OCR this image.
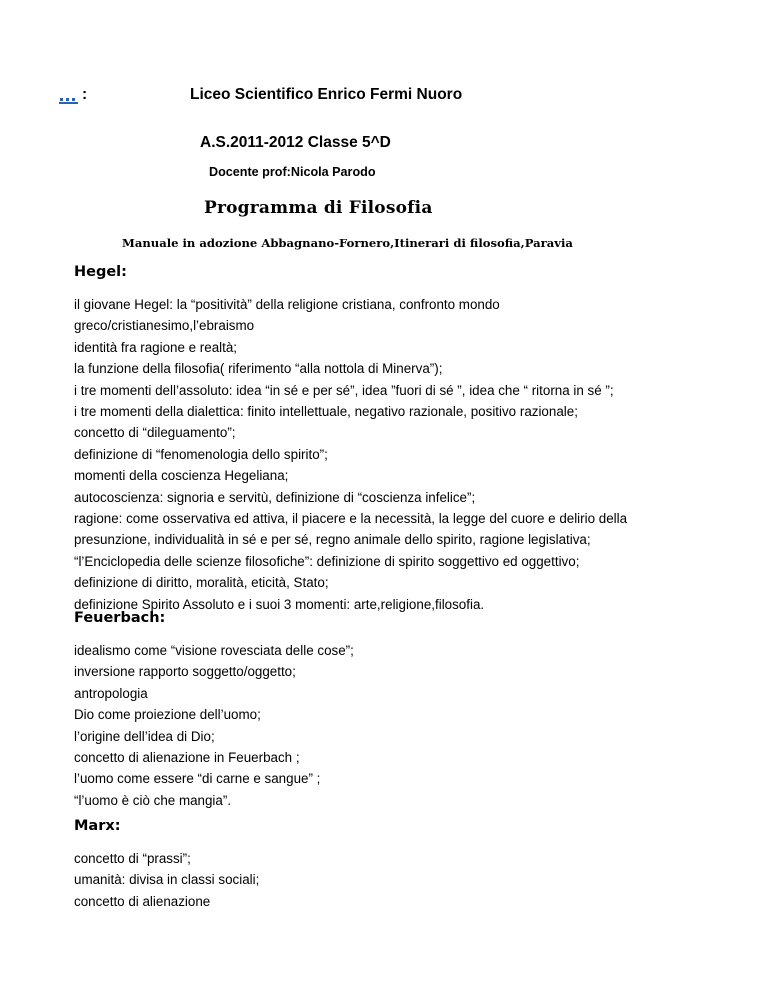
:	Liceo Scientifico Enrico Fermi Nuoro
A.S.2011-2012 Classe 5^D
Docente prof:Nicola Parodo
Programma di Filosofia
Manuale in adozione Abbagnano-Fornero,Itinerari di filosofia,Paravia
Hegel:
il giovane Hegel: la “positività” della religione cristiana, confronto mondo
greco/cristianesimo,l’ebraismo
identità fra ragione e realtà;
la funzione della filosofia( riferimento “alla nottola di Minerva”);
i tre momenti dell’assoluto: idea “in sé e per sé”, idea ”fuori di sé ”, idea che “ ritorna in sé ”;
i tre momenti della dialettica: finito intellettuale, negativo razionale, positivo razionale;
concetto di “dileguamento”;
definizione di “fenomenologia dello spirito”;
momenti della coscienza Hegeliana;
autocoscienza: signoria e servitù, definizione di “coscienza infelice”;
ragione: come osservativa ed attiva, il piacere e la necessità, la legge del cuore e delirio della
presunzione, individualità in sé e per sé, regno animale dello spirito, ragione legislativa;
“l’Enciclopedia delle scienze filosofiche”: definizione di spirito soggettivo ed oggettivo;
definizione di diritto, moralità, eticità, Stato;
definizione Spirito Assoluto e i suoi 3 momenti: arte,religione,filosofia.
Feuerbach:
idealismo come “visione rovesciata delle cose”;
inversione rapporto soggetto/oggetto;
antropologia
Dio come proiezione dell’uomo;
l’origine dell’idea di Dio;
concetto di alienazione in Feuerbach ;
l’uomo come essere “di carne e sangue” ;
“l’uomo è ciò che mangia”.
Marx:
concetto di “prassi”;
umanità: divisa in classi sociali;
concetto di alienazione
